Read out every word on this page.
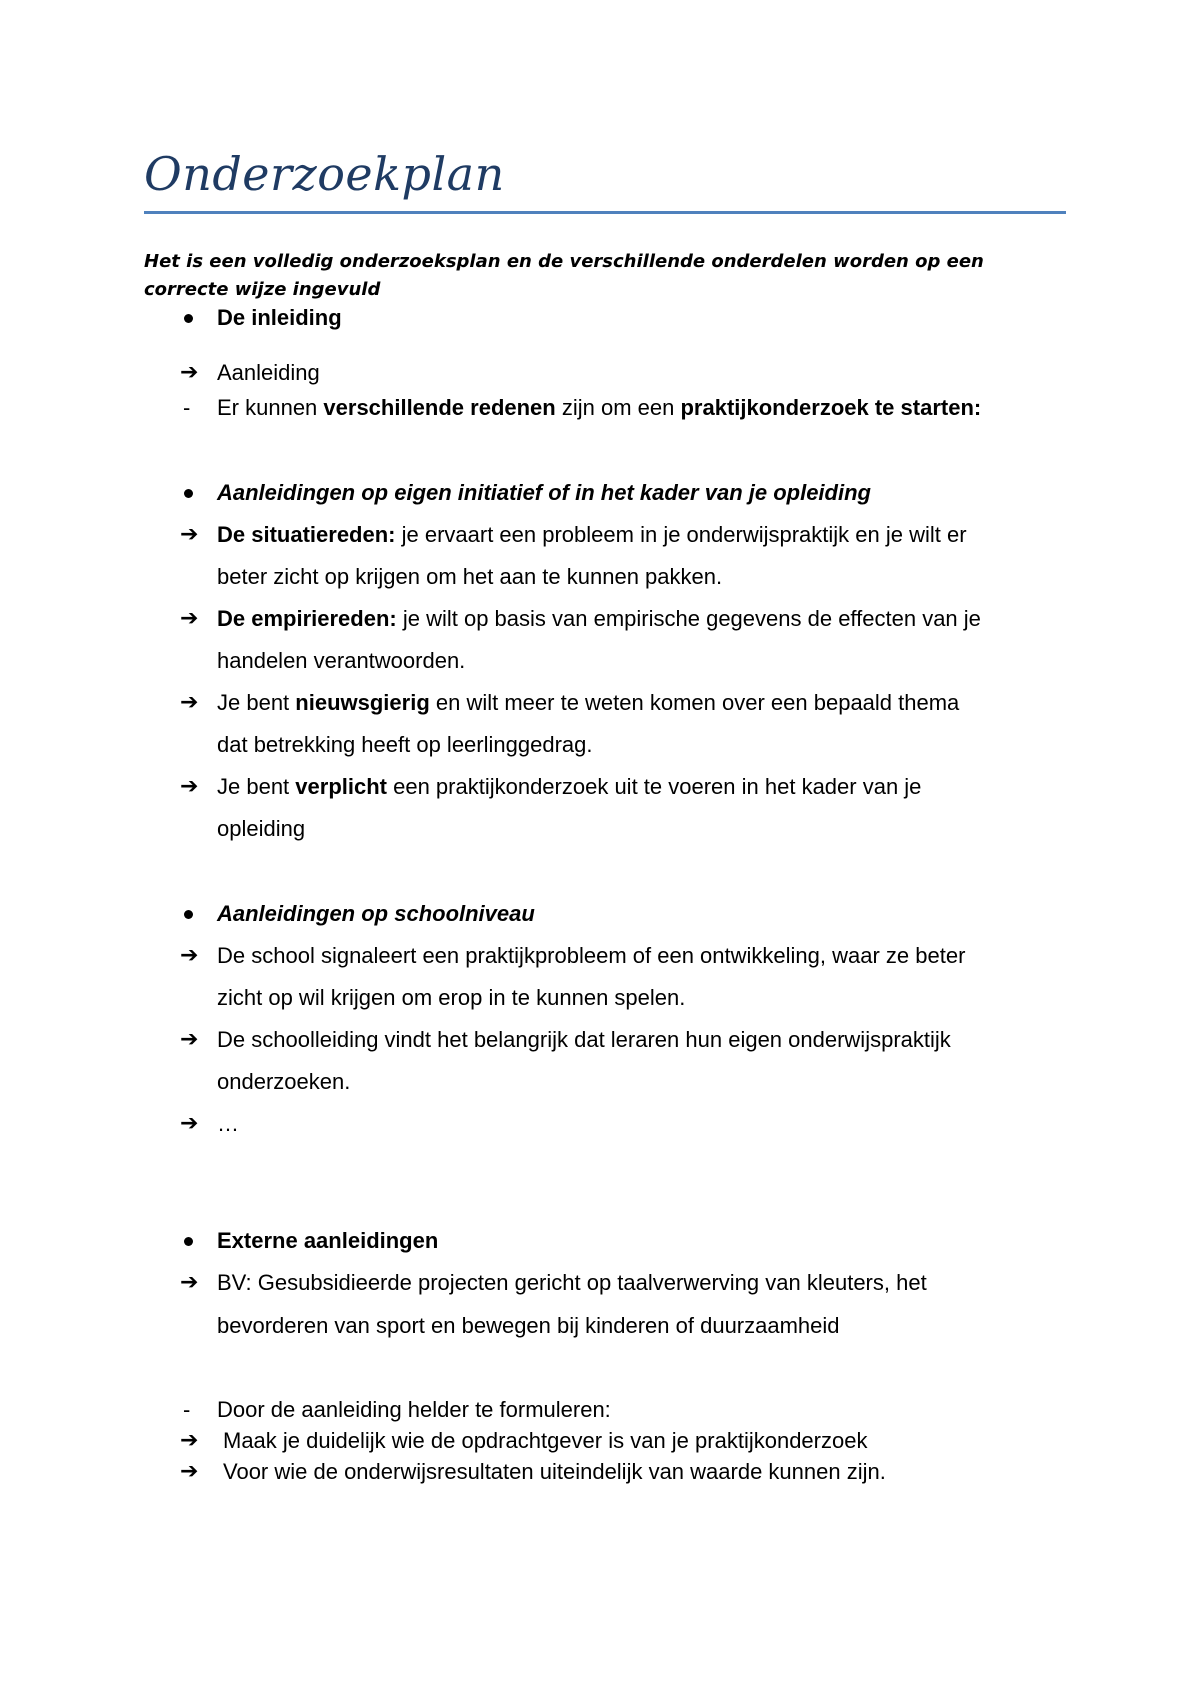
Onderzoekplan

Het is een volledig onderzoeksplan en de verschillende onderdelen worden op een correcte wijze ingevuld

De inleiding
➔ Aanleiding
- Er kunnen verschillende redenen zijn om een praktijkonderzoek te starten:
Aanleidingen op eigen initiatief of in het kader van je opleiding
➔ De situatiereden: je ervaart een probleem in je onderwijspraktijk en je wilt er
beter zicht op krijgen om het aan te kunnen pakken.
➔ De empiriereden: je wilt op basis van empirische gegevens de effecten van je
handelen verantwoorden.
➔ Je bent nieuwsgierig en wilt meer te weten komen over een bepaald thema
dat betrekking heeft op leerlinggedrag.
➔ Je bent verplicht een praktijkonderzoek uit te voeren in het kader van je
opleiding
Aanleidingen op schoolniveau
➔ De school signaleert een praktijkprobleem of een ontwikkeling, waar ze beter
zicht op wil krijgen om erop in te kunnen spelen.
➔ De schoolleiding vindt het belangrijk dat leraren hun eigen onderwijspraktijk
onderzoeken.
➔ …
Externe aanleidingen
➔ BV: Gesubsidieerde projecten gericht op taalverwerving van kleuters, het
bevorderen van sport en bewegen bij kinderen of duurzaamheid
- Door de aanleiding helder te formuleren:
➔ Maak je duidelijk wie de opdrachtgever is van je praktijkonderzoek
➔ Voor wie de onderwijsresultaten uiteindelijk van waarde kunnen zijn.
